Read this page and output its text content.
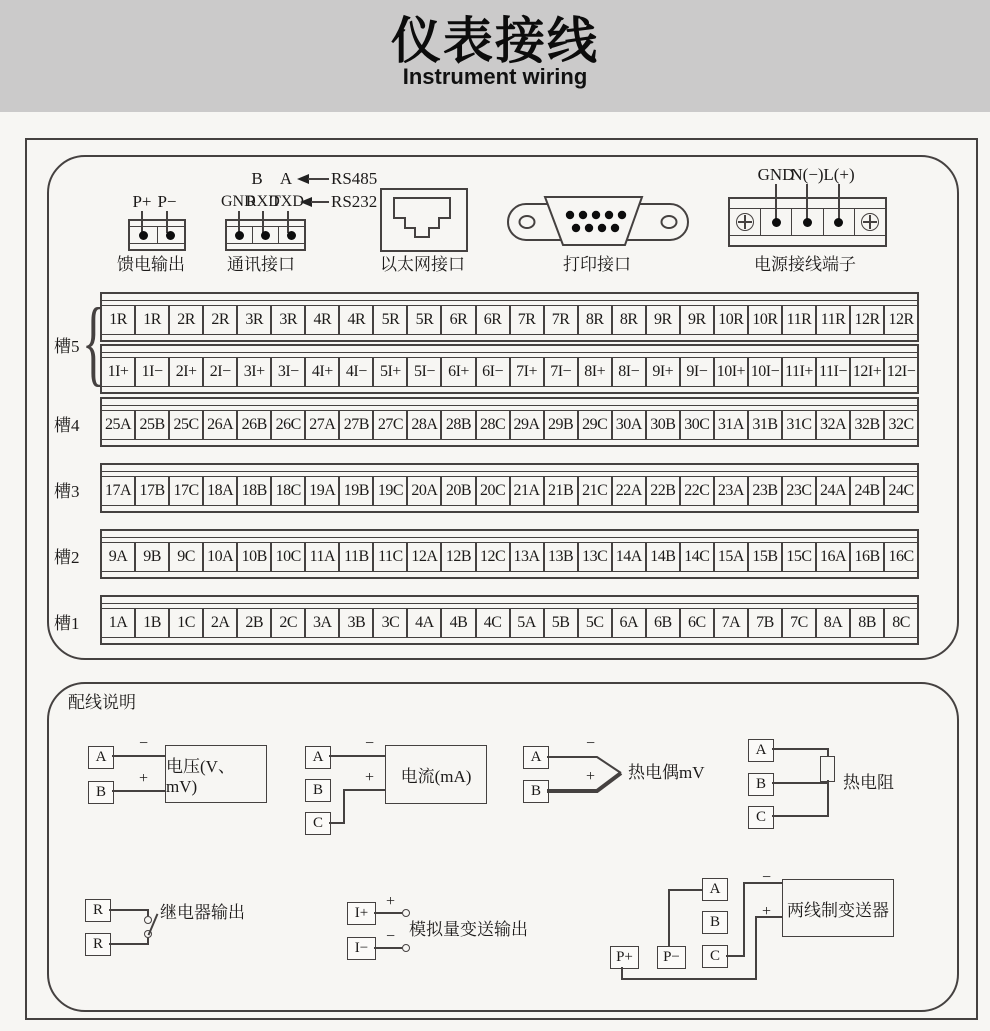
仪表接线

Instrument wiring

P+ P−
馈电输出
B A
GND
RXD
TXD
RS485
RS232
通讯接口	以太网接口	打印接口
GND
N(−) L(+)
电源接线端子
槽5
{
槽4
槽3
槽2
槽1
1R	1R	2R	2R	3R	3R	4R	4R	5R	5R	6R	6R	7R	7R	8R	8R	9R	9R 10R 10R 11R 11R 12R 12R
1I+ 1I− 2I+ 2I− 3I+ 3I− 4I+ 4I− 5I+ 5I− 6I+ 6I− 7I+ 7I− 8I+ 8I− 9I+ 9I− 10I+ 10I− 11I+ 11I− 12I+ 12I−
25A 25B 25C 26A 26B 26C 27A 27B 27C 28A 28B 28C 29A 29B 29C 30A 30B 30C 31A 31B 31C 32A 32B 32C
17A 17B 17C 18A 18B 18C 19A 19B 19C 20A 20B 20C 21A 21B 21C 22A 22B 22C 23A 23B 23C 24A 24B 24C
9A 9B	9C 10A 10B 10C 11A 11B 11C 12A 12B 12C 13A 13B 13C 14A 14B 14C 15A 15B 15C 16A 16B 16C
1A 1B	1C 2A 2B	2C 3A 3B	3C 4A 4B	4C 5A 5B	5C 6A 6B	6C 7A 7B	7C 8A 8B	8C
配线说明
A
B
−
+
电压(V、mV)
A
B
C
−
+	电流(mA)
A
B
−
+ 热电偶mV
A
B
C
热电阻
R
R
继电器输出	I+
I−
+
− 模拟量变送输出
A
B
C
P+	P−
−
+ 两线制变送器
